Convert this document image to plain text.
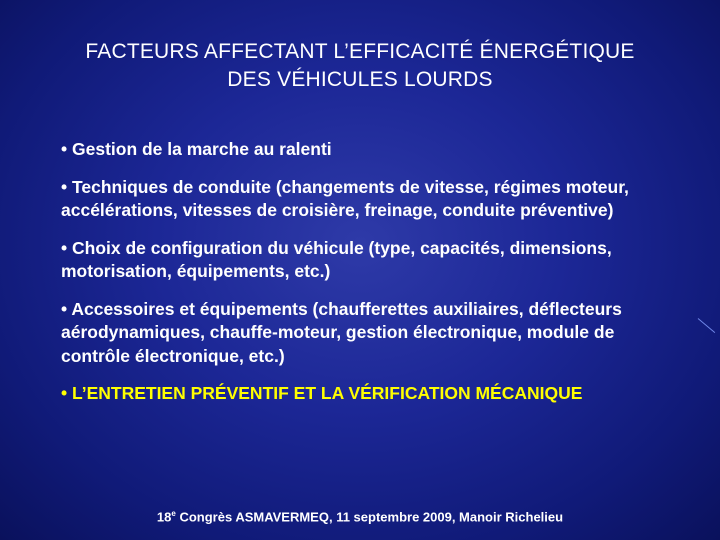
FACTEURS AFFECTANT L’EFFICACITÉ ÉNERGÉTIQUE
DES VÉHICULES LOURDS
• Gestion de la marche au ralenti
• Techniques de conduite (changements de vitesse, régimes moteur, accélérations, vitesses de croisière, freinage, conduite préventive)
• Choix de configuration du véhicule (type, capacités, dimensions, motorisation, équipements, etc.)
• Accessoires et équipements (chaufferettes auxiliaires, déflecteurs aérodynamiques, chauffe-moteur, gestion électronique, module de contrôle électronique, etc.)
• L’ENTRETIEN PRÉVENTIF ET LA VÉRIFICATION MÉCANIQUE
18e Congrès ASMAVERMEQ, 11 septembre 2009, Manoir Richelieu
